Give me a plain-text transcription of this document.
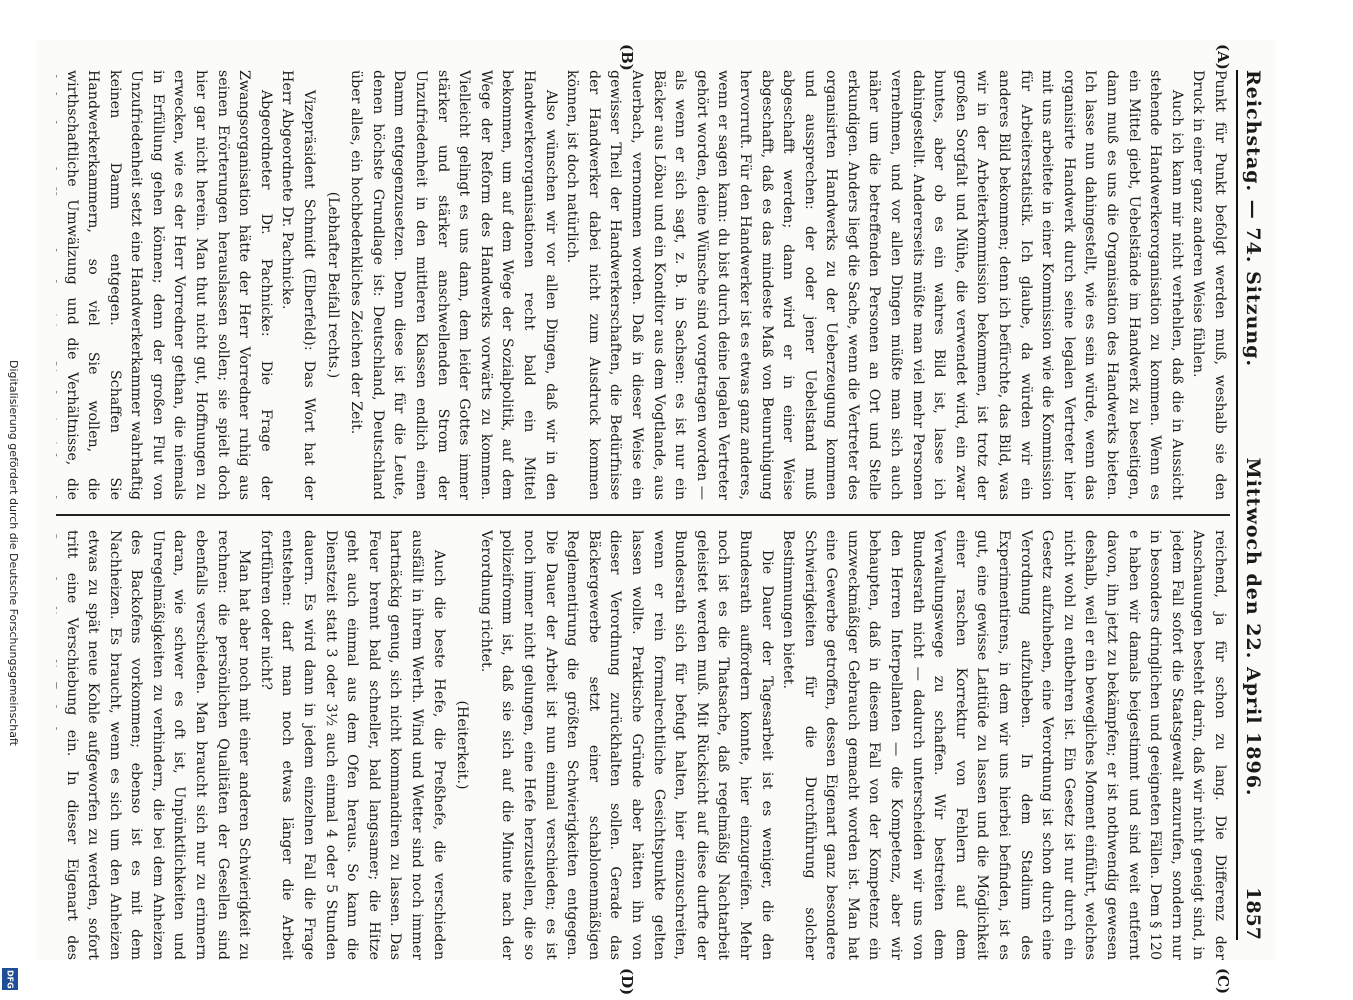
Reichstag. — 74. Sitzung.
Mittwoch den 22. April 1896.
1857
(A)
(B)
(C)
(D)

Punkt für Punkt befolgt werden muß, weshalb sie den Druck in einer ganz anderen Weise fühlen.

Auch ich kann mir nicht verhehlen, daß die in Aussicht stehende Handwerkerorganisation zu kommen. Wenn es ein Mittel giebt, Uebelstände im Handwerk zu beseitigen, dann muß es uns die Organisation des Handwerks bieten. Ich lasse nun dahingestellt, wie es sein würde, wenn das organisirte Handwerk durch seine legalen Vertreter hier mit uns arbeitete in einer Kommission wie die Kommission für Arbeiterstatistik. Ich glaube, da würden wir ein anderes Bild bekommen; denn ich befürchte, das Bild, was wir in der Arbeiterkommission bekommen, ist trotz der großen Sorgfalt und Mühe, die verwendet wird, ein zwar buntes, aber ob es ein wahres Bild ist, lasse ich dahingestellt. Andererseits müßte man viel mehr Personen vernehmen, und vor allen Dingen müßte man sich auch näher um die betreffenden Personen an Ort und Stelle erkundigen. Anders liegt die Sache, wenn die Vertreter des organisirten Handwerks zu der Ueberzeugung kommen und aussprechen: der oder jener Uebelstand muß abgeschafft werden; dann wird er in einer Weise abgeschafft, daß es das mindeste Maß von Beunruhigung hervorruft. Für den Handwerker ist es etwas ganz anderes, wenn er sagen kann: du bist durch deine legalen Vertreter gehört worden, deine Wünsche sind vorgetragen worden — als wenn er sich sagt, z. B. in Sachsen: es ist nur ein Bäcker aus Löbau und ein Konditor aus dem Vogtlande, aus Auerbach, vernommen worden. Daß in dieser Weise ein gewisser Theil der Handwerkerschaften, die Bedürfnisse der Handwerker dabei nicht zum Ausdruck kommen können, ist doch natürlich.

Also wünschen wir vor allen Dingen, daß wir in den Handwerkerorganisationen recht bald ein Mittel bekommen, um auf dem Wege der Sozialpolitik, auf dem Wege der Reform des Handwerks vorwärts zu kommen. Vielleicht gelingt es uns dann, dem leider Gottes immer stärker und stärker anschwellenden Strom der Unzufriedenheit in den mittleren Klassen endlich einen Damm entgegenzusetzen. Denn diese ist für die Leute, denen höchste Grundlage ist: Deutschland, Deutschland über alles, ein hochbedenkliches Zeichen der Zeit.

(Lebhafter Beifall rechts.)

Vizepräsident Schmidt (Elberfeld): Das Wort hat der Herr Abgeordnete Dr. Pachnicke.

Abgeordneter Dr. Pachnicke: Die Frage der Zwangsorganisation hätte der Herr Vorredner ruhig aus seinen Erörterungen herauslassen sollen; sie spielt doch hier gar nicht herein. Man thut nicht gut, Hoffnungen zu erwecken, wie es der Herr Vorredner gethan, die niemals in Erfüllung gehen können; denn der großen Flut von Unzufriedenheit setzt eine Handwerkerkammer wahrhaftig keinen Damm entgegen. Schaffen Sie Handwerkerkammern, so viel Sie wollen, die wirthschaftliche Umwälzung und die Verhältnisse, die

reichend, ja für schon zu lang. Die Differenz der Anschauungen besteht darin, daß wir nicht geneigt sind, in jedem Fall sofort die Staatsgewalt anzurufen, sondern nur in besonders dringlichen und geeigneten Fällen. Dem § 120 e haben wir damals beigestimmt und sind weit entfernt davon, ihn jetzt zu bekämpfen; er ist nothwendig gewesen deshalb, weil er ein bewegliches Moment einführt, welches nicht wohl zu entbehren ist. Ein Gesetz ist nur durch ein Gesetz aufzuheben, eine Verordnung ist schon durch eine Verordnung aufzuheben. In dem Stadium des Experimentirens, in dem wir uns hierbei befinden, ist es gut, eine gewisse Latitüde zu lassen und die Möglichkeit einer raschen Korrektur von Fehlern auf dem Verwaltungswege zu schaffen. Wir bestreiten dem Bundesrath nicht — dadurch unterscheiden wir uns von den Herren Interpellanten — die Kompetenz, aber wir behaupten, daß in diesem Fall von der Kompetenz ein unzweckmäßiger Gebrauch gemacht worden ist. Man hat eine Gewerbe getroffen, dessen Eigenart ganz besondere Schwierigkeiten für die Durchführung solcher Bestimmungen bietet.

Die Dauer der Tagesarbeit ist es weniger, die den Bundesrath auffordern konnte, hier einzugreifen. Mehr noch ist es die Thatsache, daß regelmäßig Nachtarbeit geleistet werden muß. Mit Rücksicht auf diese durfte der Bundesrath sich für befugt halten, hier einzuschreiten, wenn er rein formalrechtliche Gesichtspunkte gelten lassen wollte. Praktische Gründe aber hätten ihn von dieser Verordnung zurückhalten sollen. Gerade das Bäckergewerbe setzt einer schablonenmäßigen Reglementirung die größten Schwierigkeiten entgegen. Die Dauer der Arbeit ist nun einmal verschieden; es ist noch immer nicht gelungen, eine Hefe herzustellen, die so polizeifromm ist, daß sie sich auf die Minute nach der Verordnung richtet.

(Heiterkeit.)

Auch die beste Hefe, die Preßhefe, die verschieden ausfällt in ihrem Werth. Wind und Wetter sind noch immer hartnäckig genug, sich nicht kommandiren zu lassen. Das Feuer brennt bald schneller, bald langsamer; die Hitze geht auch einmal aus dem Ofen heraus. So kann die Dienstzeit statt 3 oder 3½ auch einmal 4 oder 5 Stunden dauern. Es wird dann in jedem einzelnen Fall die Frage entstehen: darf man noch etwas länger die Arbeit fortführen oder nicht?

Man hat aber noch mit einer anderen Schwierigkeit zu rechnen: die persönlichen Qualitäten der Gesellen sind ebenfalls verschieden. Man braucht sich nur zu erinnern daran, wie schwer es oft ist, Unpünktlichkeiten und Unregelmäßigkeiten zu verhindern, die bei dem Anheizen des Backofens vorkommen; ebenso ist es mit dem Nachheizen. Es braucht, wenn es sich um den Anheizen etwas zu spät neue Kohle aufgeworfen zu werden, sofort tritt eine Verschiebung ein. In dieser Eigenart des

Digitalisierung gefördert durch die Deutsche Forschungsgemeinschaft
DFG
